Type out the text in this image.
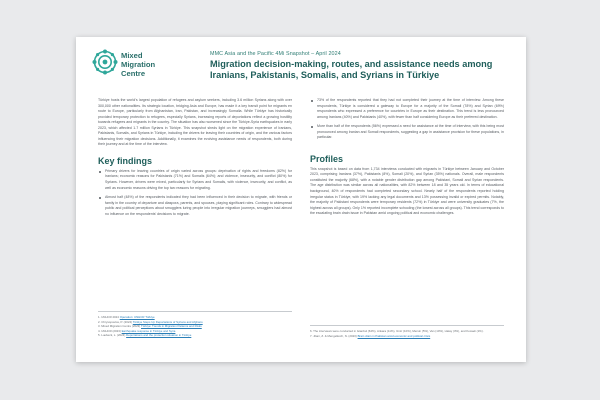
Mixed
Migration
Centre
MMC Asia and the Pacific 4Mi Snapshot – April 2024
Migration decision-making, routes, and assistance needs among Iranians, Pakistanis, Somalis, and Syrians in Türkiye

Türkiye hosts the world’s largest population of refugees and asylum seekers, including 3.6 million Syrians along with over 300,000 other nationalities. Its strategic location, bridging Asia and Europe, has made it a key transit point for migrants en route to Europe, particularly from Afghanistan, Iran, Pakistan, and increasingly Somalia. While Türkiye has historically provided temporary protection to refugees, especially Syrians, increasing reports of deportations reflect a growing hostility towards refugees and migrants in the country. The situation has also worsened since the Türkiye-Syria earthquakes in early 2023, which affected 1.7 million Syrians in Türkiye. This snapshot sheds light on the migration experience of Iranians, Pakistanis, Somalis, and Syrians in Türkiye, including the drivers for leaving their countries of origin, and the various factors influencing their migration decisions. Additionally, it examines the evolving assistance needs of respondents, both during their journey and at the time of the interview.

Key findings
Primary drivers for leaving countries of origin varied across groups: deprivation of rights and freedoms (82%) for Iranians; economic reasons for Pakistanis (71%) and Somalis (64%); and violence, insecurity, and conflict (80%) for Syrians. However, drivers were mixed, particularly for Syrians and Somalis, with violence, insecurity, and conflict, as well as economic reasons driving the top two reasons for migrating.
Almost half (48%) of the respondents indicated they had been influenced in their decision to migrate, with friends or family in the country of departure and diaspora, parents, and spouses, playing significant roles. Contrary to widespread public and political perceptions about smugglers luring people into irregular migration journeys, smugglers had almost no influence on the respondents’ decisions to migrate.
1. UNHCR 2024 Operation: UNHCR Türkiye
2. Chrysopoulos, P. (2024) Türkiye Steps Up Deportations of Syrians and Afghans
3. Mixed Migration Centre (2023) Türkiye: Trends in Migration Patterns and Risks
4. UNHCR (2023) Earthquake response in Türkiye and Syria
5. Luebeck, L. (2024) Deportations and the protection situation in Türkiye
73% of the respondents reported that they had not completed their journey at the time of interview. Among these respondents, Türkiye is considered a gateway to Europe for a majority of the Somali (78%) and Syrian (69%) respondents who expressed a preference for countries in Europe as their destination. This trend is less pronounced among Iranians (40%) and Pakistanis (40%), with fewer than half considering Europe as their preferred destination.
More than half of the respondents (56%) expressed a need for assistance at the time of interview, with this being most pronounced among Iranian and Somali respondents, suggesting a gap in assistance provision for these populations, in particular.
Profiles

This snapshot is based on data from 1,734 interviews conducted with migrants in Türkiye between January and October 2023, comprising Iranians (37%), Pakistanis (8%), Somali (20%), and Syrian (35%) nationals. Overall, male respondents constituted the majority (68%), with a notable gender distribution gap among Pakistani, Somali and Syrian respondents. The age distribution was similar across all nationalities, with 82% between 18 and 35 years old. In terms of educational background, 40% of respondents had completed secondary school. Nearly half of the respondents reported holding irregular status in Türkiye, with 19% lacking any legal documents and 13% possessing invalid or expired permits. Notably, the majority of Pakistani respondents were temporary residents (72%) in Türkiye and were university graduates (7%, the highest across all groups). Only 1% reported incomplete schooling (the lowest across all groups). This trend corresponds to the escalating brain drain issue in Pakistan amid ongoing political and economic challenges.

6. The interviews were conducted in Istanbul (64%), Ankara (11%), Izmir (10%), Mersin (5%), Van (10%), Hatay (3%), and Kocaeli (1%).
7. Jilani, Z. & Mengelkoch, N. (2023) Brain drain in Pakistan amid economic and political crisis
